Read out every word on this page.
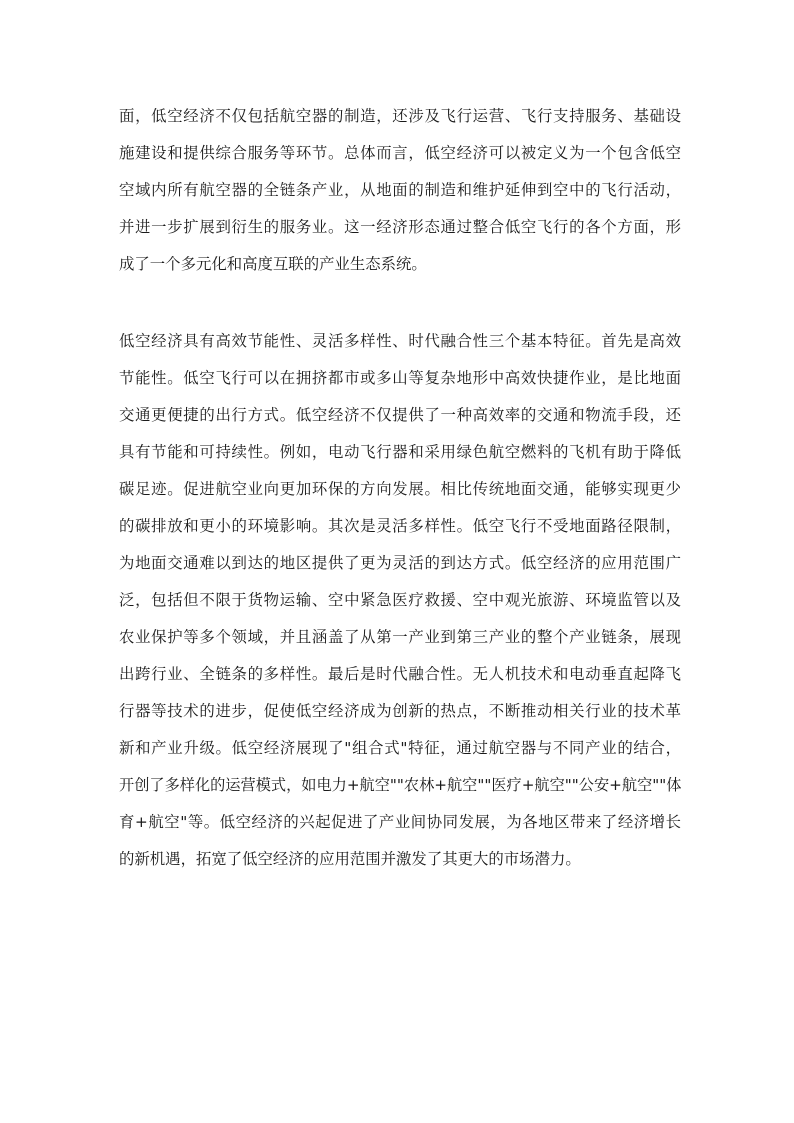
面，低空经济不仅包括航空器的制造，还涉及飞行运营、飞行支持服务、基础设
施建设和提供综合服务等环节。总体而言，低空经济可以被定义为一个包含低空
空域内所有航空器的全链条产业，从地面的制造和维护延伸到空中的飞行活动，
并进一步扩展到衍生的服务业。这一经济形态通过整合低空飞行的各个方面，形
成了一个多元化和高度互联的产业生态系统。
低空经济具有高效节能性、灵活多样性、时代融合性三个基本特征。首先是高效
节能性。低空飞行可以在拥挤都市或多山等复杂地形中高效快捷作业，是比地面
交通更便捷的出行方式。低空经济不仅提供了一种高效率的交通和物流手段，还
具有节能和可持续性。例如，电动飞行器和采用绿色航空燃料的飞机有助于降低
碳足迹。促进航空业向更加环保的方向发展。相比传统地面交通，能够实现更少
的碳排放和更小的环境影响。其次是灵活多样性。低空飞行不受地面路径限制，
为地面交通难以到达的地区提供了更为灵活的到达方式。低空经济的应用范围广
泛，包括但不限于货物运输、空中紧急医疗救援、空中观光旅游、环境监管以及
农业保护等多个领域，并且涵盖了从第一产业到第三产业的整个产业链条，展现
出跨行业、全链条的多样性。最后是时代融合性。无人机技术和电动垂直起降飞
行器等技术的进步，促使低空经济成为创新的热点，不断推动相关行业的技术革
新和产业升级。低空经济展现了"组合式"特征，通过航空器与不同产业的结合，
开创了多样化的运营模式，如电力+航空""农林+航空""医疗+航空""公安+航空""体
育+航空"等。低空经济的兴起促进了产业间协同发展，为各地区带来了经济增长
的新机遇，拓宽了低空经济的应用范围并激发了其更大的市场潜力。
